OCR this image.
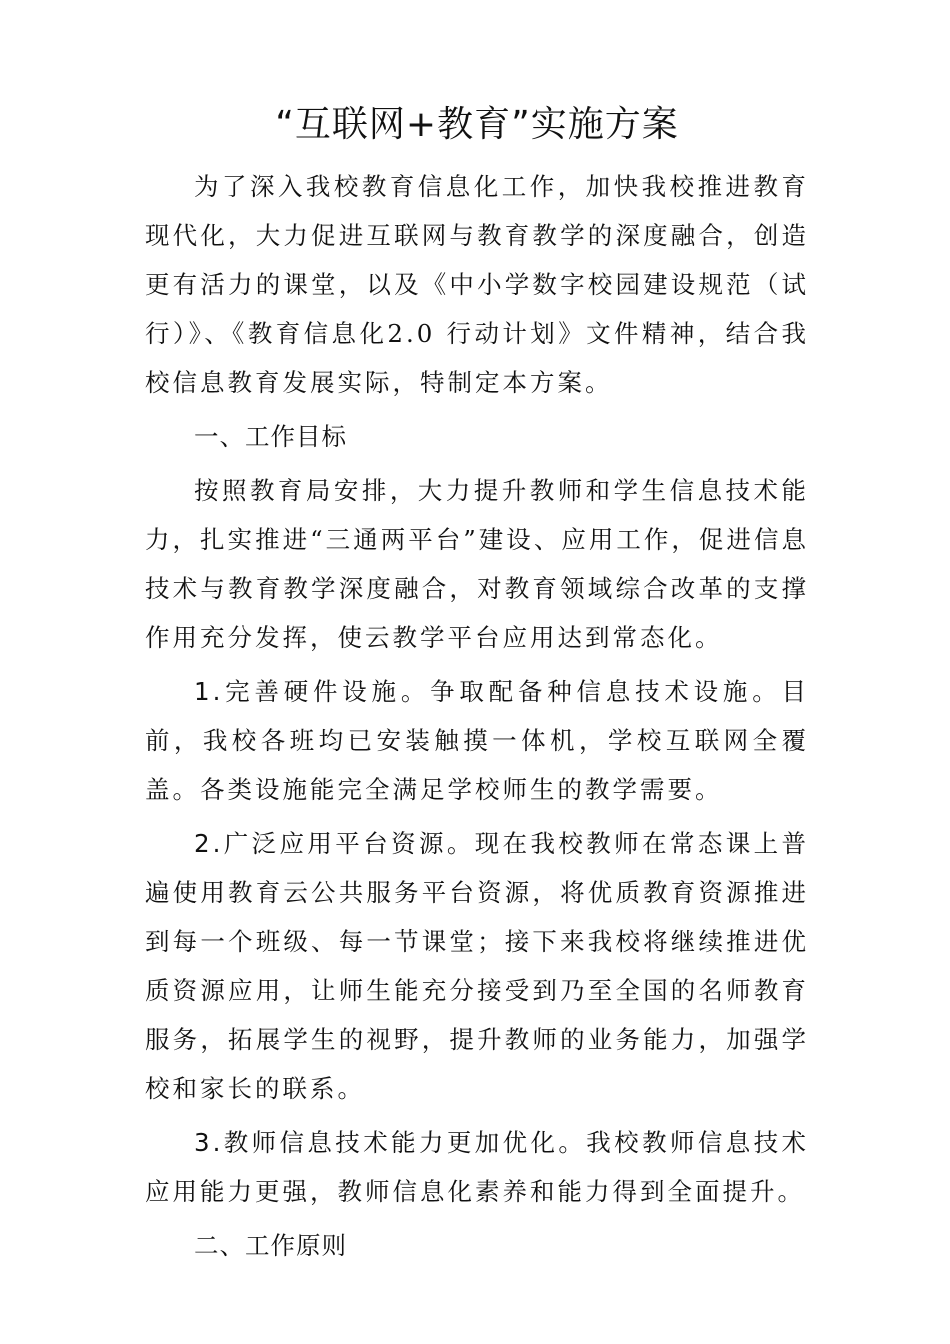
“互联网+教育”实施方案

为了深入我校教育信息化工作，加快我校推进教育现代化，大力促进互联网与教育教学的深度融合，创造更有活力的课堂，以及《中小学数字校园建设规范（试行）》、《教育信息化2.0 行动计划》文件精神，结合我校信息教育发展实际，特制定本方案。

一、工作目标

按照教育局安排，大力提升教师和学生信息技术能力，扎实推进“三通两平台”建设、应用工作，促进信息技术与教育教学深度融合，对教育领域综合改革的支撑作用充分发挥，使云教学平台应用达到常态化。

1.完善硬件设施。争取配备种信息技术设施。目前，我校各班均已安装触摸一体机，学校互联网全覆盖。各类设施能完全满足学校师生的教学需要。

2.广泛应用平台资源。现在我校教师在常态课上普遍使用教育云公共服务平台资源，将优质教育资源推进到每一个班级、每一节课堂；接下来我校将继续推进优质资源应用，让师生能充分接受到乃至全国的名师教育服务，拓展学生的视野，提升教师的业务能力，加强学校和家长的联系。

3.教师信息技术能力更加优化。我校教师信息技术应用能力更强，教师信息化素养和能力得到全面提升。

二、工作原则
